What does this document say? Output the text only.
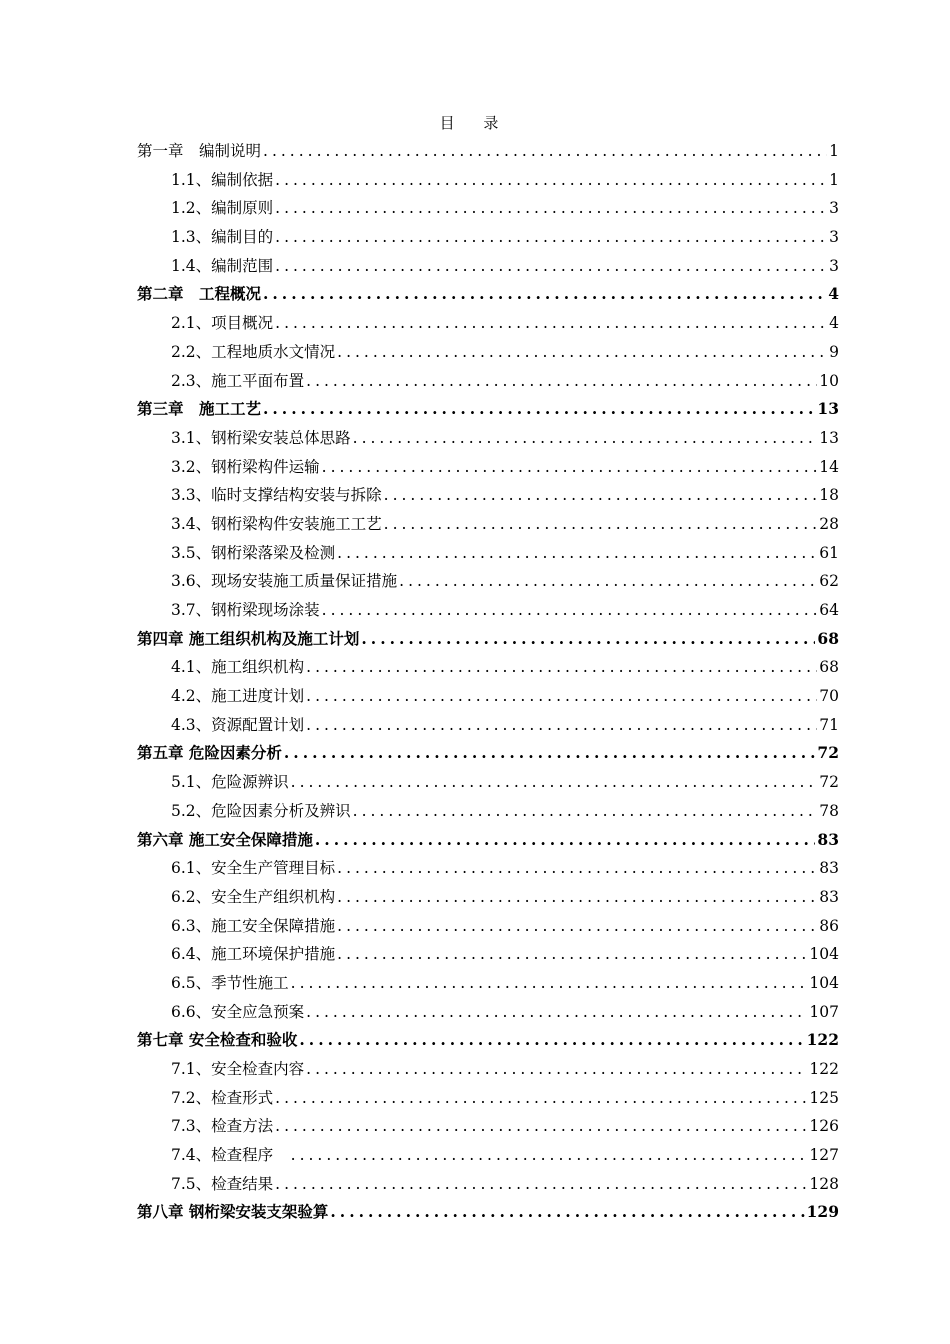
目 录
第一章　编制说明 .....	1
1.1、编制依据 .....	1
1.2、编制原则 .....	3
1.3、编制目的 .....	3
1.4、编制范围 .....	3
第二章　工程概况 .....	4
2.1、项目概况 .....	4
2.2、工程地质水文情况 .....	9
2.3、施工平面布置 .....	10
第三章　施工工艺 .....	13
3.1、钢桁梁安装总体思路 .....	13
3.2、钢桁梁构件运输 .....	14
3.3、临时支撑结构安装与拆除 .....	18
3.4、钢桁梁构件安装施工工艺 .....	28
3.5、钢桁梁落梁及检测 .....	61
3.6、现场安装施工质量保证措施 .....	62
3.7、钢桁梁现场涂装 .....	64
第四章 施工组织机构及施工计划 .....	68
4.1、施工组织机构 .....	68
4.2、施工进度计划 .....	70
4.3、资源配置计划 .....	71
第五章 危险因素分析 .....	72
5.1、危险源辨识 .....	72
5.2、危险因素分析及辨识 .....	78
第六章 施工安全保障措施 .....	83
6.1、安全生产管理目标 .....	83
6.2、安全生产组织机构 .....	83
6.3、施工安全保障措施 .....	86
6.4、施工环境保护措施 .....	104
6.5、季节性施工 .....	104
6.6、安全应急预案 .....	107
第七章 安全检查和验收 .....	122
7.1、安全检查内容 .....	122
7.2、检查形式 .....	125
7.3、检查方法 .....	126
7.4、检查程序　 .....	127
7.5、检查结果 .....	128
第八章 钢桁梁安装支架验算 .....	129
